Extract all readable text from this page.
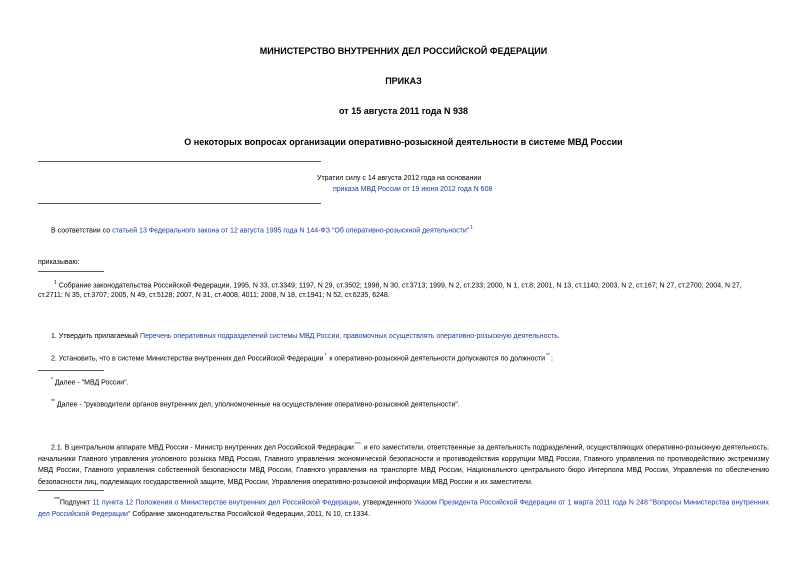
МИНИСТЕРСТВО ВНУТРЕННИХ ДЕЛ РОССИЙСКОЙ ФЕДЕРАЦИИ
ПРИКАЗ
от 15 августа 2011 года N 938
О некоторых вопросах организации оперативно-розыскной деятельности в системе МВД России
Утратил силу с 14 августа 2012 года на основании
приказа МВД России от 19 июня 2012 года N 608
В соответствии со статьей 13 Федерального закона от 12 августа 1995 года N 144-ФЗ "Об оперативно-розыскной деятельности"$^1$
приказываю:
$^1$ Собрание законодательства Российской Федерации, 1995, N 33, ст.3349; 1197, N 29, ст.3502; 1998, N 30, ст.3713; 1999, N 2, ст.233; 2000, N 1, ст.8; 2001, N 13, ст.1140; 2003, N 2, ст.167; N 27, ст.2700; 2004, N 27,
ст.2711; N 35, ст.3707; 2005, N 49, ст.5128; 2007, N 31, ст.4008, 4011; 2008, N 18, ст.1941; N 52, ст.6235, 6248.
1. Утвердить прилагаемый Перечень оперативных подразделений системы МВД России, правомочных осуществлять оперативно-розыскную деятельность.
2. Установить, что в системе Министерства внутренних дел Российской Федерации* к оперативно-розыскной деятельности допускаются по должности**:
* Далее - "МВД России".
** Далее - "руководители органов внутренних дел, уполномоченные на осуществление оперативно-розыскной деятельности".
2.1. В центральном аппарате МВД России - Министр внутренних дел Российской Федерации*** и его заместители, ответственные за деятельность подразделений, осуществляющих оперативно-розыскную деятельность; начальники Главного управления уголовного розыска МВД России, Главного управления экономической безопасности и противодействия коррупции МВД России, Главного управления по противодействию экстремизму МВД России, Главного управления собственной безопасности МВД России, Главного управления на транспорте МВД России, Национального центрального бюро Интерпола МВД России, Управления по обеспечению безопасности лиц, подлежащих государственной защите, МВД России, Управления оперативно-розыскной информации МВД России и их заместители.
***Подпункт 11 пункта 12 Положения о Министерстве внутренних дел Российской Федерации, утвержденного Указом Президента Российской Федерации от 1 марта 2011 года N 248 "Вопросы Министерства внутренних дел Российской Федерации" Собрание законодательства Российской Федерации, 2011, N 10, ст.1334.
